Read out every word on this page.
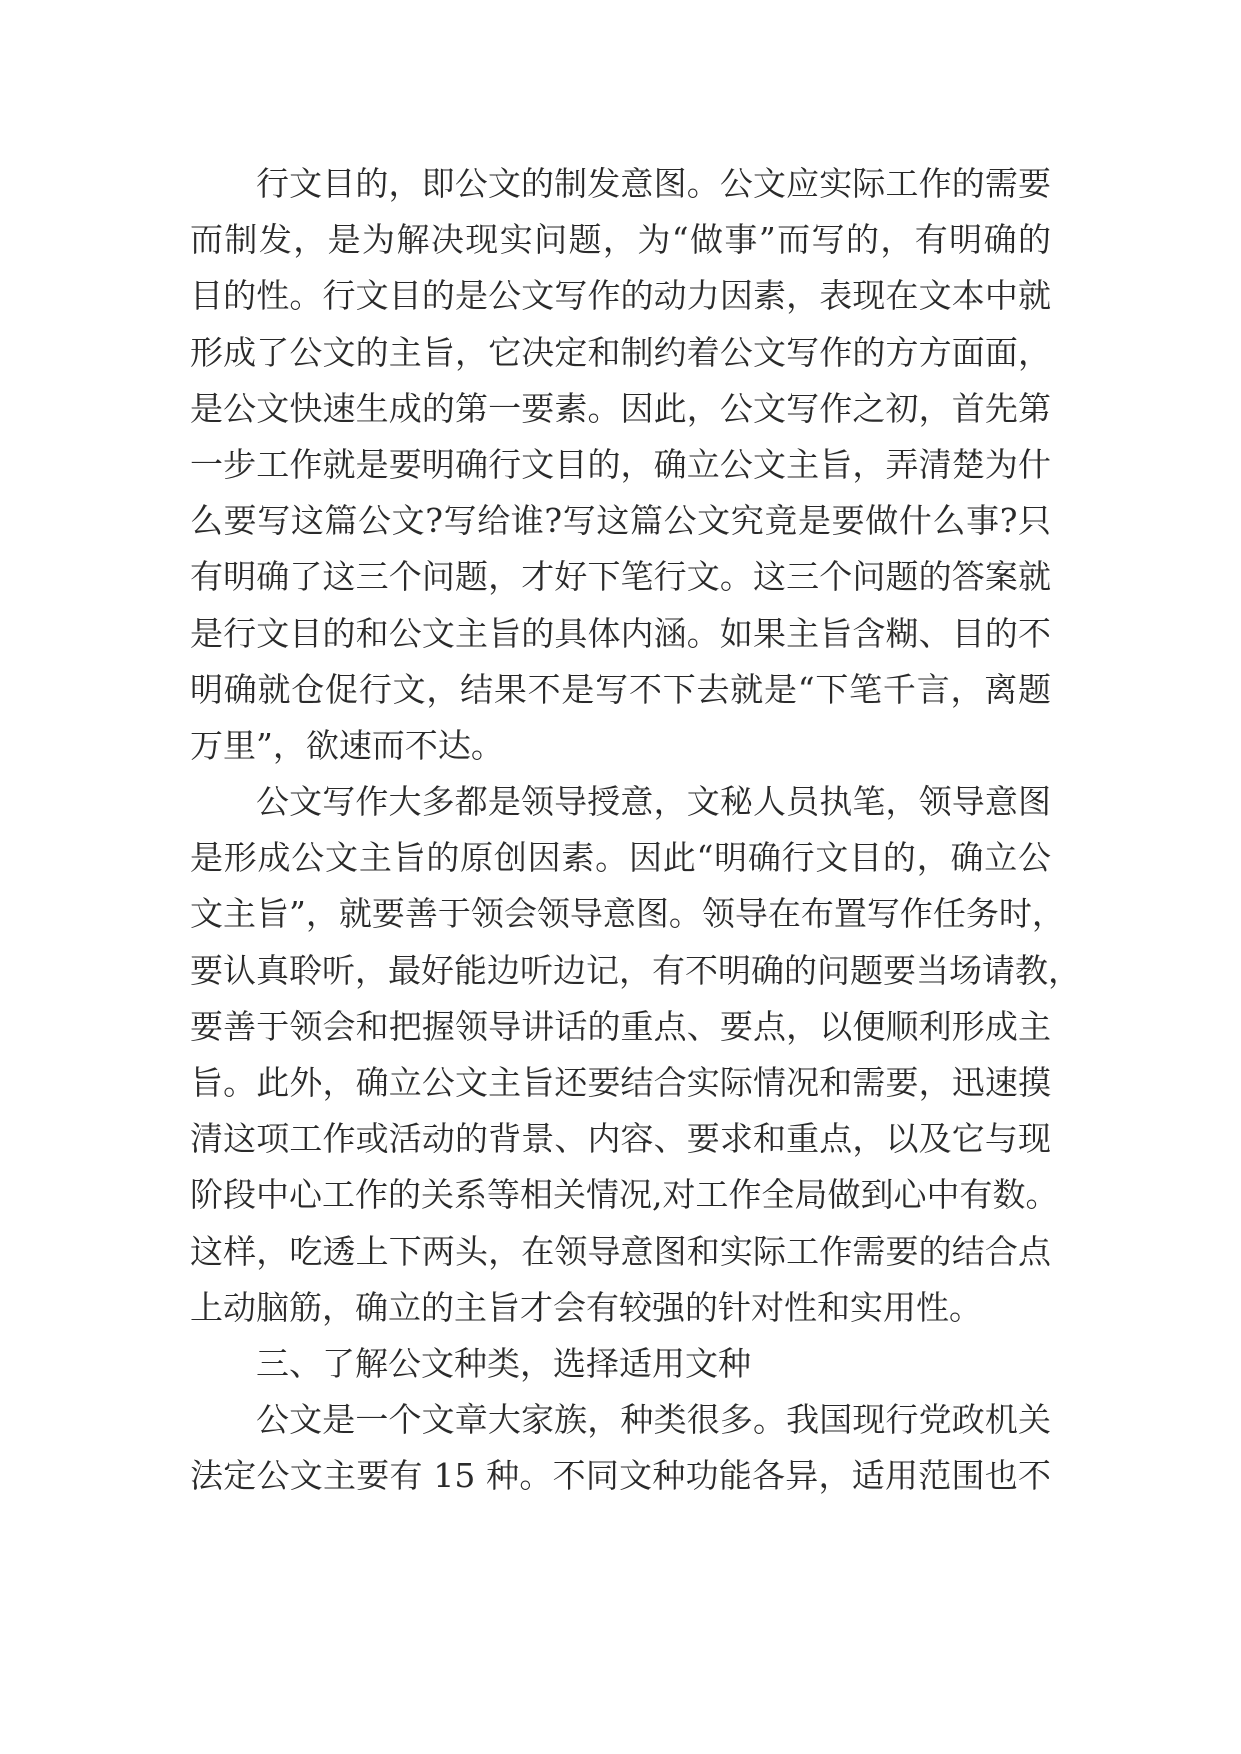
行文目的，即公文的制发意图。公文应实际工作的需要
而制发，是为解决现实问题，为“做事”而写的，有明确的
目的性。行文目的是公文写作的动力因素，表现在文本中就
形成了公文的主旨，它决定和制约着公文写作的方方面面，
是公文快速生成的第一要素。因此，公文写作之初，首先第
一步工作就是要明确行文目的，确立公文主旨，弄清楚为什
么要写这篇公文?写给谁?写这篇公文究竟是要做什么事?只
有明确了这三个问题，才好下笔行文。这三个问题的答案就
是行文目的和公文主旨的具体内涵。如果主旨含糊、目的不
明确就仓促行文，结果不是写不下去就是“下笔千言，离题
万里”，欲速而不达。
公文写作大多都是领导授意，文秘人员执笔，领导意图
是形成公文主旨的原创因素。因此“明确行文目的，确立公
文主旨”，就要善于领会领导意图。领导在布置写作任务时，
要认真聆听，最好能边听边记，有不明确的问题要当场请教，
要善于领会和把握领导讲话的重点、要点，以便顺利形成主
旨。此外，确立公文主旨还要结合实际情况和需要，迅速摸
清这项工作或活动的背景、内容、要求和重点，以及它与现
阶段中心工作的关系等相关情况,对工作全局做到心中有数。
这样，吃透上下两头，在领导意图和实际工作需要的结合点
上动脑筋，确立的主旨才会有较强的针对性和实用性。
三、了解公文种类，选择适用文种
公文是一个文章大家族，种类很多。我国现行党政机关
法定公文主要有 15 种。不同文种功能各异，适用范围也不
